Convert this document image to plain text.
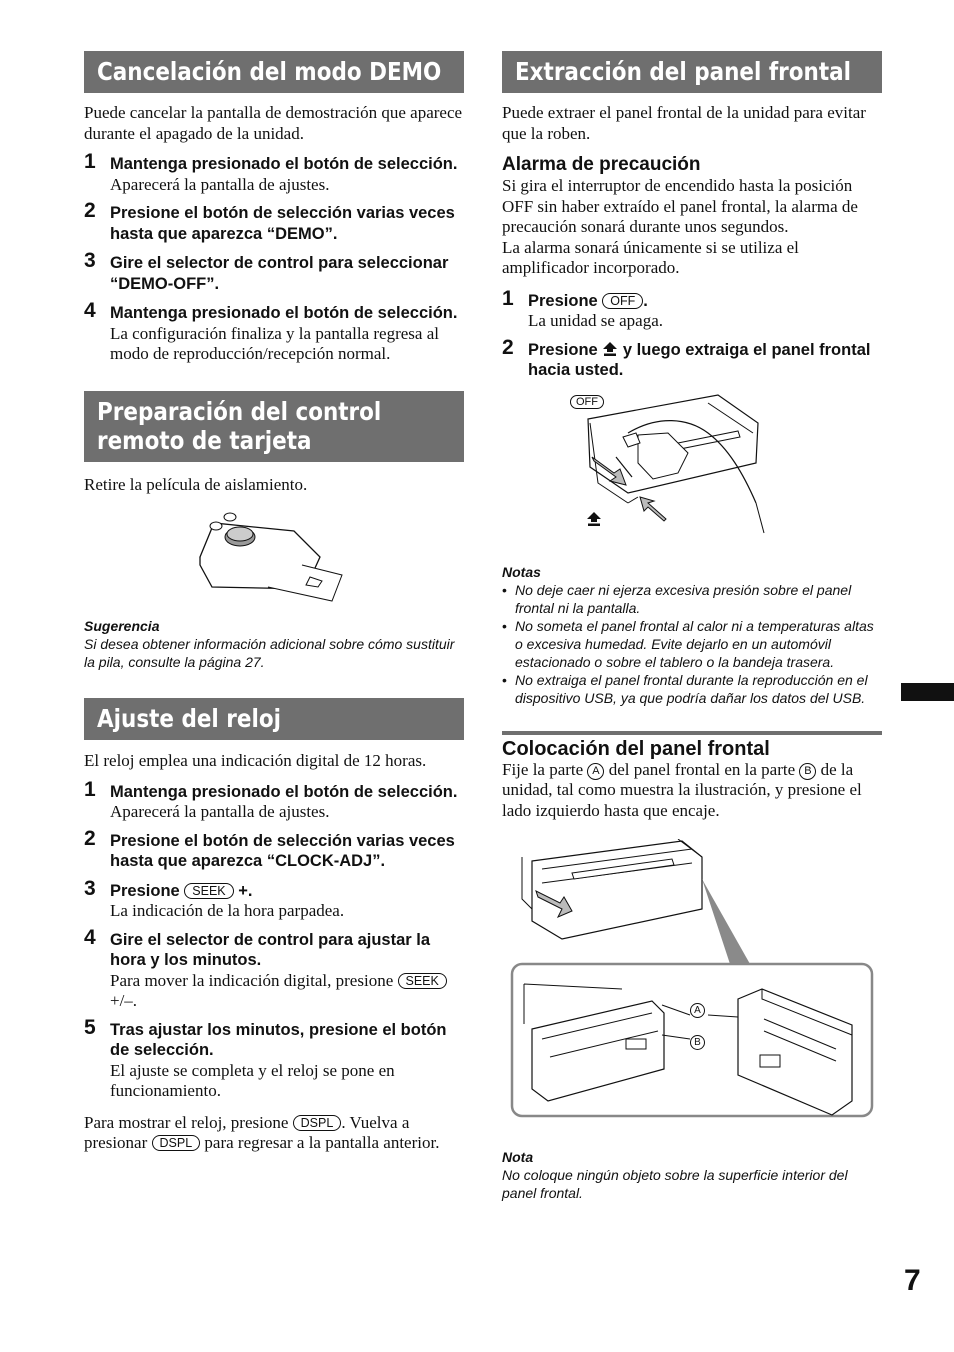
Cancelación del modo DEMO

Puede cancelar la pantalla de demostración que aparece durante el apagado de la unidad.

1 Mantenga presionado el botón de selección.
Aparecerá la pantalla de ajustes.
2 Presione el botón de selección varias veces hasta que aparezca “DEMO”.
3 Gire el selector de control para seleccionar “DEMO-OFF”.
4 Mantenga presionado el botón de selección.
La configuración finaliza y la pantalla regresa al modo de reproducción/recepción normal.
Preparación del control remoto de tarjeta

Retire la película de aislamiento.

Sugerencia
Si desea obtener información adicional sobre cómo sustituir la pila, consulte la página 27.
Ajuste del reloj

El reloj emplea una indicación digital de 12 horas.

1 Mantenga presionado el botón de selección.
Aparecerá la pantalla de ajustes.
2 Presione el botón de selección varias veces hasta que aparezca “CLOCK-ADJ”.
3 Presione SEEK +.
La indicación de la hora parpadea.
4 Gire el selector de control para ajustar la hora y los minutos.
Para mover la indicación digital, presione SEEK +/–.
5 Tras ajustar los minutos, presione el botón de selección.
El ajuste se completa y el reloj se pone en funcionamiento.

Para mostrar el reloj, presione DSPL . Vuelva a presionar DSPL para regresar a la pantalla anterior.

Extracción del panel frontal

Puede extraer el panel frontal de la unidad para evitar que la roben.

Alarma de precaución

Si gira el interruptor de encendido hasta la posición OFF sin haber extraído el panel frontal, la alarma de precaución sonará durante unos segundos.

La alarma sonará únicamente si se utiliza el amplificador incorporado.

1 Presione OFF .
La unidad se apaga.
2 Presione y luego extraiga el panel frontal hacia usted.
OFF
Notas
• No deje caer ni ejerza excesiva presión sobre el panel frontal ni la pantalla.
• No someta el panel frontal al calor ni a temperaturas altas o excesiva humedad. Evite dejarlo en un automóvil estacionado o sobre el tablero o la bandeja trasera.
• No extraiga el panel frontal durante la reproducción en el dispositivo USB, ya que podría dañar los datos del USB.
Colocación del panel frontal

Fije la parte A del panel frontal en la parte B de la unidad, tal como muestra la ilustración, y presione el lado izquierdo hasta que encaje.

A
B
Nota
No coloque ningún objeto sobre la superficie interior del panel frontal.
7
